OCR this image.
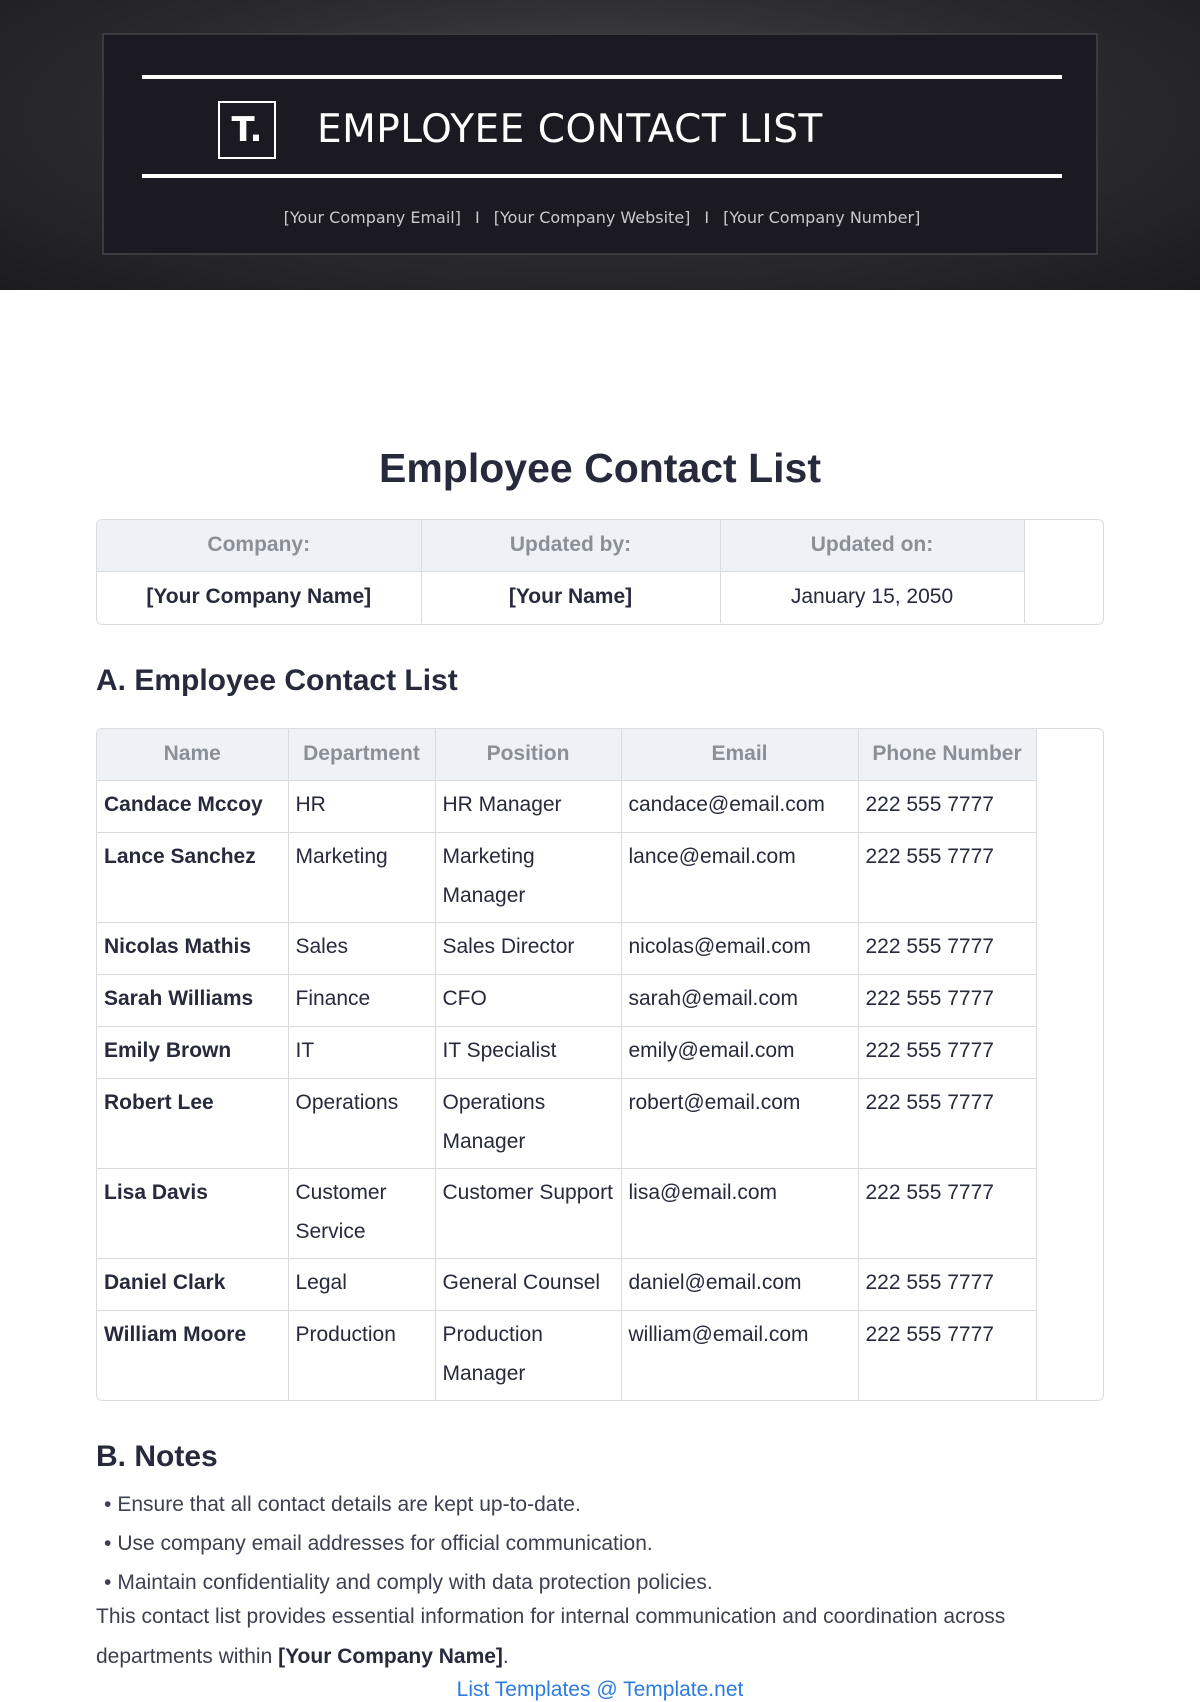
T.	EMPLOYEE CONTACT LIST
[Your Company Email] I [Your Company Website] I [Your Company Number]
Employee Contact List
Company:	Updated by:	Updated on:
[Your Company Name]	[Your Name]	January 15, 2050
A. Employee Contact List
Name	Department	Position	Email	Phone Number
Candace Mccoy	HR	HR Manager	candace@email.com	222 555 7777
Lance Sanchez	Marketing	Marketing Manager	lance@email.com	222 555 7777
Nicolas Mathis	Sales	Sales Director	nicolas@email.com	222 555 7777
Sarah Williams	Finance	CFO	sarah@email.com	222 555 7777
Emily Brown	IT	IT Specialist	emily@email.com	222 555 7777
Robert Lee	Operations	Operations Manager	robert@email.com	222 555 7777
Lisa Davis	Customer Service	Customer Support	lisa@email.com	222 555 7777
Daniel Clark	Legal	General Counsel	daniel@email.com	222 555 7777
William Moore	Production	Production Manager	william@email.com	222 555 7777
B. Notes
• Ensure that all contact details are kept up-to-date.
• Use company email addresses for official communication.
• Maintain confidentiality and comply with data protection policies.
This contact list provides essential information for internal communication and coordination across departments within [Your Company Name].
List Templates @ Template.net
